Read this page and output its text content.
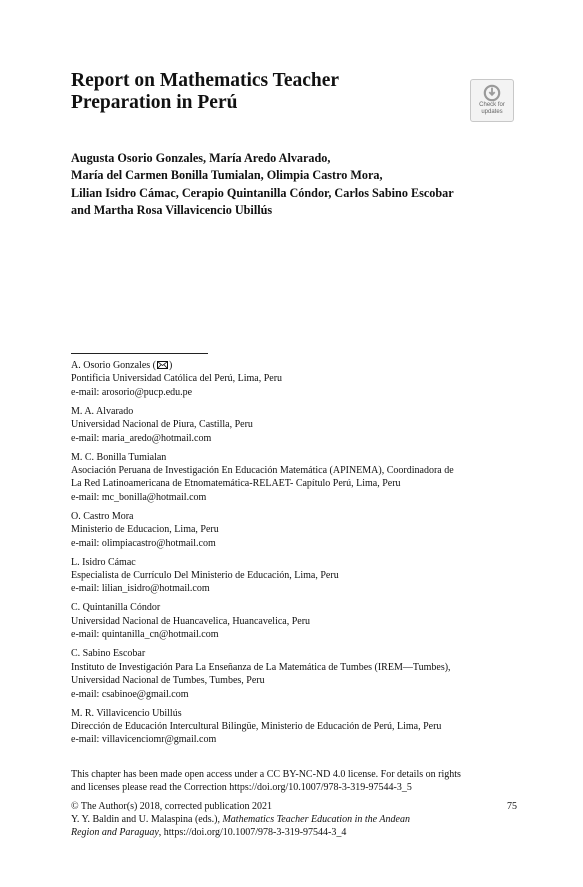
Report on Mathematics Teacher
Preparation in Perú	Check for
updates
Augusta Osorio Gonzales, María Aredo Alvarado,
María del Carmen Bonilla Tumialan, Olimpia Castro Mora,
Lilian Isidro Cámac, Cerapio Quintanilla Cóndor, Carlos Sabino Escobar
and Martha Rosa Villavicencio Ubillús
A. Osorio Gonzales ( )
Pontificia Universidad Católica del Perú, Lima, Peru
e-mail: arosorio@pucp.edu.pe
M. A. Alvarado
Universidad Nacional de Piura, Castilla, Peru
e-mail: maria_aredo@hotmail.com
M. C. Bonilla Tumialan
Asociación Peruana de Investigación En Educación Matemática (APINEMA), Coordinadora de
La Red Latinoamericana de Etnomatemática-RELAET- Capítulo Perú, Lima, Peru
e-mail: mc_bonilla@hotmail.com
O. Castro Mora
Ministerio de Educacion, Lima, Peru
e-mail: olimpiacastro@hotmail.com
L. Isidro Cámac
Especialista de Currículo Del Ministerio de Educación, Lima, Peru
e-mail: lilian_isidro@hotmail.com
C. Quintanilla Cóndor
Universidad Nacional de Huancavelica, Huancavelica, Peru
e-mail: quintanilla_cn@hotmail.com
C. Sabino Escobar
Instituto de Investigación Para La Enseñanza de La Matemática de Tumbes (IREM—Tumbes),
Universidad Nacional de Tumbes, Tumbes, Peru
e-mail: csabinoe@gmail.com
M. R. Villavicencio Ubillús
Dirección de Educación Intercultural Bilingüe, Ministerio de Educación de Perú, Lima, Peru
e-mail: villavicenciomr@gmail.com
This chapter has been made open access under a CC BY-NC-ND 4.0 license. For details on rights
and licenses please read the Correction https://doi.org/10.1007/978-3-319-97544-3_5
© The Author(s) 2018, corrected publication 2021	75
Y. Y. Baldin and U. Malaspina (eds.), Mathematics Teacher Education in the Andean
Region and Paraguay, https://doi.org/10.1007/978-3-319-97544-3_4
